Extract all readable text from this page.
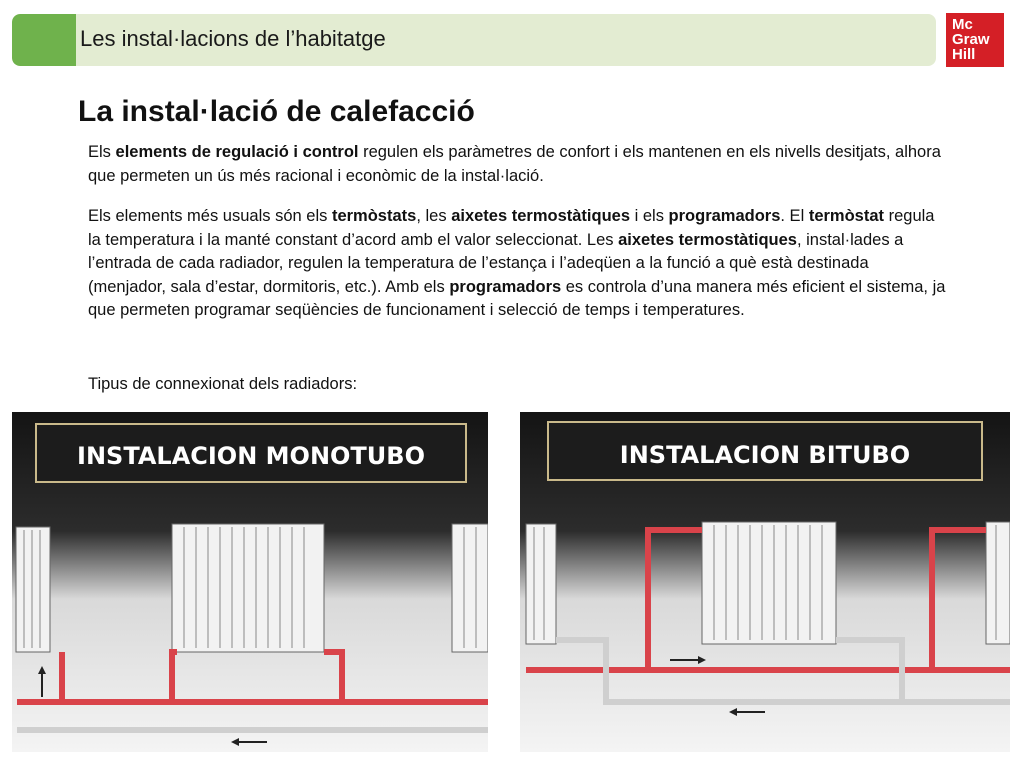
Les instal·lacions de l’habitatge
Mc
Graw
Hill
La instal·lació de calefacció
Els elements de regulació i control regulen els paràmetres de confort i els mantenen en els nivells desitjats, alhora que permeten un ús més racional i econòmic de la instal·lació.
Els elements més usuals són els termòstats, les aixetes termostàtiques i els programadors. El termòstat regula la temperatura i la manté constant d’acord amb el valor seleccionat. Les aixetes termostàtiques, instal·lades a l’entrada de cada radiador, regulen la temperatura de l’estança i l’adeqüen a la funció a què està destinada (menjador, sala d’estar, dormitoris, etc.). Amb els programadors es controla d’una manera més eficient el sistema, ja que permeten programar seqüències de funcionament i selecció de temps i temperatures.
Tipus de connexionat dels radiadors:
INSTALACION MONOTUBO	INSTALACION BITUBO
